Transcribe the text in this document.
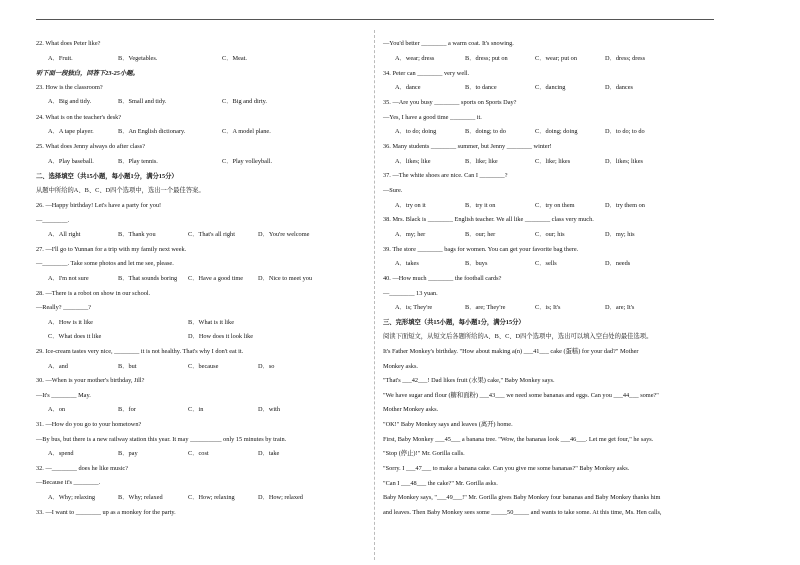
22. What does Peter like?
A．Fruit.	B．Vegetables.	C．Meat.
听下面一段独白，回答下23-25小题。
23. How is the classroom?
A．Big and tidy.	B．Small and tidy.	C．Big and dirty.
24. What is on the teacher's desk?
A．A tape player.	B．An English dictionary.	C．A model plane.
25. What does Jenny always do after class?
A．Play baseball.	B．Play tennis.	C．Play volleyball.
二、选择填空（共15小题，每小题1分，满分15分）
从题中所给的A、B、C、D四个选项中，选出一个最佳答案。
26. —Happy birthday! Let's have a party for you!
—________.
A．All right	B．Thank you	C．That's all right	D．You're welcome
27. —I'll go to Yunnan for a trip with my family next week.
—________. Take some photos and let me see, please.
A．I'm not sure	B．That sounds boring C．Have a good time D．Nice to meet you
28. —There is a robot on show in our school.
—Really? ________?
A．How is it like	B．What is it like
C．What does it like	D．How does it look like
29. Ice-cream tastes very nice, ________ it is not healthy. That's why I don't eat it.
A．and	B．but	C．because	D．so
30. —When is your mother's birthday, Jill?
—It's ________ May.
A．on	B．for	C．in	D．with
31. —How do you go to your hometown?
—By bus, but there is a new railway station this year. It may __________ only 15 minutes by train.
A．spend	B．pay	C．cost	D．take
32. —________ does he like music?
—Because it's ________.
A．Why; relaxing	B．Why; relaxed	C．How; relaxing	D．How; relaxed
33. —I want to ________ up as a monkey for the party.
—You'd better ________ a warm coat. It's snowing.
A．wear; dress	B．dress; put on	C．wear; put on	D．dress; dress
34. Peter can ________ very well.
A．dance	B．to dance	C．dancing	D．dances
35. —Are you busy ________ sports on Sports Day?
—Yes, I have a good time ________ it.
A．to do; doing	B．doing; to do	C．doing; doing	D．to do; to do
36. Many students ________ summer, but Jenny ________ winter!
A．likes; like	B．like; like	C．like; likes	D．likes; likes
37. —The white shoes are nice. Can I ________?
—Sure.
A．try on it	B．try it on	C．try on them	D．try them on
38. Mrs. Black is ________ English teacher. We all like ________ class very much.
A．my; her	B．our; her	C．our; his	D．my; his
39. The store ________ bags for women. You can get your favorite bag there.
A．takes	B．buys	C．sells	D．needs
40. —How much ________ the football cards?
—________ 13 yuan.
A．is; They're	B．are; They're	C．is; It's	D．are; It's
三、完形填空（共15小题，每小题1分，满分15分）
阅读下面短文，从短文后各题所给的A、B、C、D四个选项中，选出可以填入空白处的最佳选项。
It's Father Monkey's birthday. "How about making a(n) ___41___ cake (蛋糕) for your dad?" Mother
Monkey asks.
"That's ___42___! Dad likes fruit (水果) cake," Baby Monkey says.
"We have sugar and flour (糖和面粉) ___43___ we need some bananas and eggs. Can you ___44___ some?"
Mother Monkey asks.
"OK!" Baby Monkey says and leaves (离开) home.
First, Baby Monkey ___45___ a banana tree. "Wow, the bananas look ___46___. Let me get four," he says.
"Stop (停止)!" Mr. Gorilla calls.
"Sorry. I ___47___ to make a banana cake. Can you give me some bananas?" Baby Monkey asks.
"Can I ___48___ the cake?" Mr. Gorilla asks.
Baby Monkey says, "___49___!" Mr. Gorilla gives Baby Monkey four bananas and Baby Monkey thanks him
and leaves. Then Baby Monkey sees some _____50_____ and wants to take some. At this time, Ms. Hen calls,
